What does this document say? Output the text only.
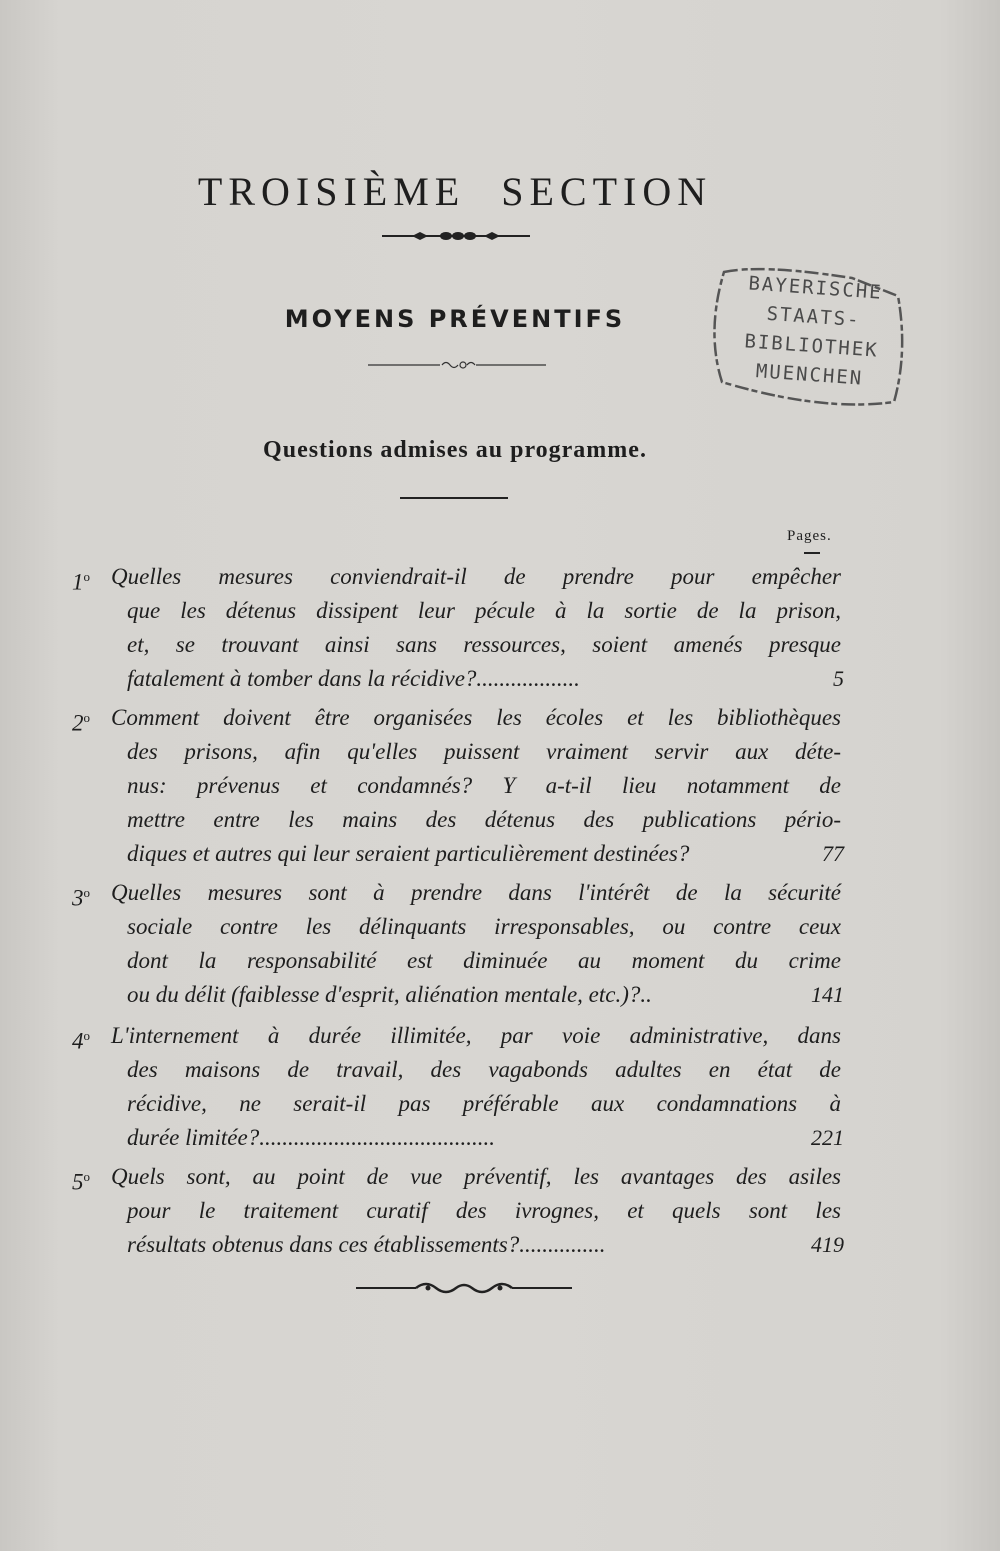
TROISIÈME SECTION
MOYENS PRÉVENTIFS
BAYERISCHE
STAATS-
BIBLIOTHEK
MUENCHEN
Questions admises au programme.
Pages.
1$^o$ Quelles mesures conviendrait-il de prendre pour empêcher
que les détenus dissipent leur pécule à la sortie de la prison,
et, se trouvant ainsi sans ressources, soient amenés presque
fatalement à tomber dans la récidive?..................	5
2$^o$ Comment doivent être organisées les écoles et les bibliothèques
des prisons, afin qu'elles puissent vraiment servir aux déte-
nus: prévenus et condamnés? Y a-t-il lieu notamment de
mettre entre les mains des détenus des publications pério-
diques et autres qui leur seraient particulièrement destinées?	77
3$^o$ Quelles mesures sont à prendre dans l'intérêt de la sécurité
sociale contre les délinquants irresponsables, ou contre ceux
dont la responsabilité est diminuée au moment du crime
ou du délit (faiblesse d'esprit, aliénation mentale, etc.)?..	141
4$^o$ L'internement à durée illimitée, par voie administrative, dans
des maisons de travail, des vagabonds adultes en état de
récidive, ne serait-il pas préférable aux condamnations à
durée limitée?.........................................	221
5$^o$ Quels sont, au point de vue préventif, les avantages des asiles
pour le traitement curatif des ivrognes, et quels sont les
résultats obtenus dans ces établissements?...............	419
